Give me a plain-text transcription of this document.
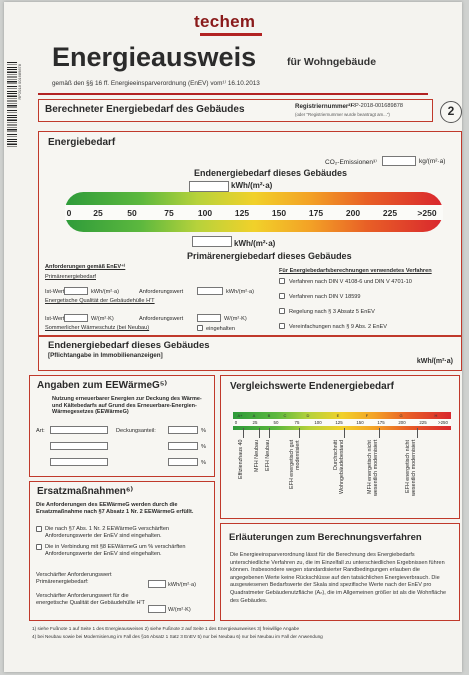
RP2018 001689878
techem
Energieausweis	für Wohngebäude
gemäß den §§ 16 ff. Energieeinsparverordnung (EnEV) vom¹⁾ 16.10.2013
Berechneter Energiebedarf des Gebäudes	Registriernummer²⁾ RP-2018-001689878
(oder "Registriernummer wurde beantragt am...")	2
Energiebedarf
CO₂-Emissionen³⁾	kg/(m²·a)
Endenergiebedarf dieses Gebäudes
kWh/(m²·a)
0	25	50	75	100	125	150	175	200	225 >250
kWh/(m²·a)
Primärenergiebedarf dieses Gebäudes
Anforderungen gemäß EnEV⁴⁾
Primärenergiebedarf
Ist-Wert	kWh/(m²·a)	Anforderungswert	kWh/(m²·a)
Energetische Qualität der Gebäudehülle H'T
Ist-Wert	W/(m²·K)	Anforderungswert	W/(m²·K)
Sommerlicher Wärmeschutz (bei Neubau)	eingehalten
Für Energiebedarfsberechnungen verwendetes Verfahren
Verfahren nach DIN V 4108-6 und DIN V 4701-10
Verfahren nach DIN V 18599
Regelung nach § 3 Absatz 5 EnEV
Vereinfachungen nach § 9 Abs. 2 EnEV
Endenergiebedarf dieses Gebäudes
[Pflichtangabe in Immobilienanzeigen]
kWh/(m²·a)
Angaben zum EEWärmeG⁵⁾
Nutzung erneuerbarer Energien zur Deckung des Wärme- und Kältebedarfs auf Grund des Erneuerbare-Energien-Wärmegesetzes (EEWärmeG)
Art:	Deckungsanteil:	%
%
%
Vergleichswerte Endenergiebedarf
A+	A	B	C	D	E	F	G	H
0	25	50	75	100	125	150	175	200	225	>250
Effizienzhaus 40 MFH Neubau EFH Neubau	EFH energetisch gut modernisiert	Durchschnitt Wohngebäudebestand	MFH energetisch nicht wesentlich modernisiert	EFH energetisch nicht wesentlich modernisiert
Ersatzmaßnahmen⁶⁾
Die Anforderungen des EEWärmeG werden durch die Ersatzmaßnahme nach §7 Absatz 1 Nr. 2 EEWärmeG erfüllt.
Die nach §7 Abs. 1 Nr. 2 EEWärmeG verschärften Anforderungswerte der EnEV sind eingehalten.
Die in Verbindung mit §8 EEWärmeG um % verschärften Anforderungswerte der EnEV sind eingehalten.
Verschärfter Anforderungswert Primärenergiebedarf:
kWh/(m²·a)
Verschärfter Anforderungswert für die energetische Qualität der Gebäudehülle H'T
W/(m²·K)
Erläuterungen zum Berechnungsverfahren
Die Energieeinsparverordnung lässt für die Berechnung des Energiebedarfs unterschiedliche Verfahren zu, die im Einzelfall zu unterschiedlichen Ergebnissen führen können. Insbesondere wegen standardisierter Randbedingungen erlauben die angegebenen Werte keine Rückschlüsse auf den tatsächlichen Energieverbrauch. Die ausgewiesenen Bedarfswerte der Skala sind spezifische Werte nach der EnEV pro Quadratmeter Gebäudenutzfläche (Aₙ), die im Allgemeinen größer ist als die Wohnfläche des Gebäudes.
1) siehe Fußnote 1 auf Seite 1 des Energieausweises 2) siehe Fußnote 2 auf Seite 1 des Energieausweises 3) freiwillige Angabe
4) bei Neubau sowie bei Modernisierung im Fall des §16 Absatz 1 Satz 3 EnEV 5) nur bei Neubau 6) nur bei Neubau im Fall der Anwendung
